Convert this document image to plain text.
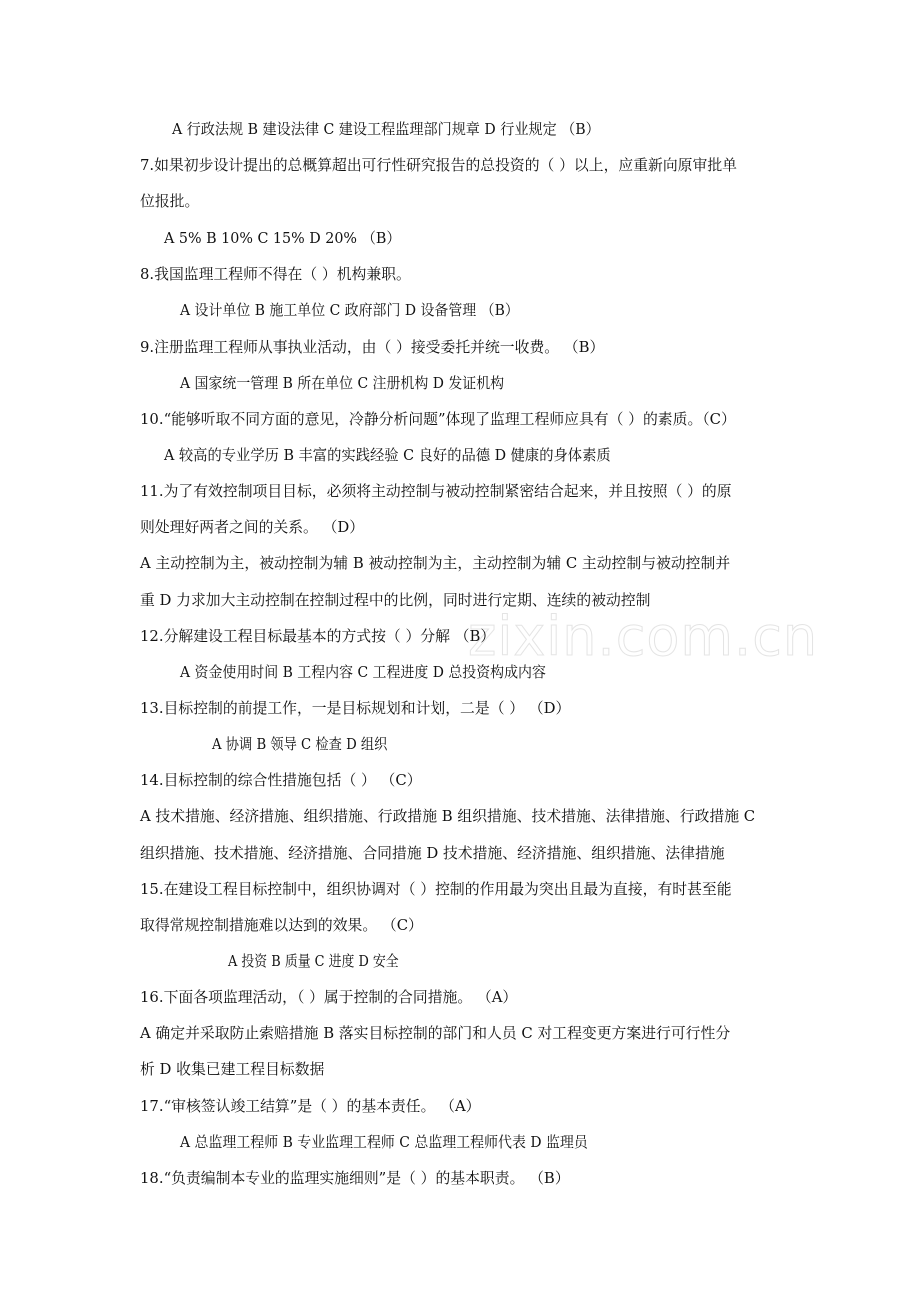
zixin.com.cn
A 行政法规 B 建设法律 C 建设工程监理部门规章 D 行业规定 （B）
7.如果初步设计提出的总概算超出可行性研究报告的总投资的（ ）以上，应重新向原审批单
位报批。
A 5% B 10% C 15% D 20% （B）
8.我国监理工程师不得在（ ）机构兼职。
A 设计单位 B 施工单位 C 政府部门 D 设备管理 （B）
9.注册监理工程师从事执业活动，由（ ）接受委托并统一收费。 （B）
A 国家统一管理 B 所在单位 C 注册机构 D 发证机构
10.“能够听取不同方面的意见，冷静分析问题”体现了监理工程师应具有（ ）的素质。（C）
A 较高的专业学历 B 丰富的实践经验 C 良好的品德 D 健康的身体素质
11.为了有效控制项目目标，必须将主动控制与被动控制紧密结合起来，并且按照（ ）的原
则处理好两者之间的关系。 （D）
A 主动控制为主，被动控制为辅 B 被动控制为主，主动控制为辅 C 主动控制与被动控制并
重 D 力求加大主动控制在控制过程中的比例，同时进行定期、连续的被动控制
12.分解建设工程目标最基本的方式按（ ）分解 （B）
A 资金使用时间 B 工程内容 C 工程进度 D 总投资构成内容
13.目标控制的前提工作，一是目标规划和计划，二是（ ） （D）
A 协调 B 领导 C 检查 D 组织
14.目标控制的综合性措施包括（ ） （C）
A 技术措施、经济措施、组织措施、行政措施 B 组织措施、技术措施、法律措施、行政措施 C
组织措施、技术措施、经济措施、合同措施 D 技术措施、经济措施、组织措施、法律措施
15.在建设工程目标控制中，组织协调对（ ）控制的作用最为突出且最为直接，有时甚至能
取得常规控制措施难以达到的效果。 （C）
A 投资 B 质量 C 进度 D 安全
16.下面各项监理活动，（ ）属于控制的合同措施。 （A）
A 确定并采取防止索赔措施 B 落实目标控制的部门和人员 C 对工程变更方案进行可行性分
析 D 收集已建工程目标数据
17.“审核签认竣工结算”是（ ）的基本责任。 （A）
A 总监理工程师 B 专业监理工程师 C 总监理工程师代表 D 监理员
18.“负责编制本专业的监理实施细则”是（ ）的基本职责。 （B）
